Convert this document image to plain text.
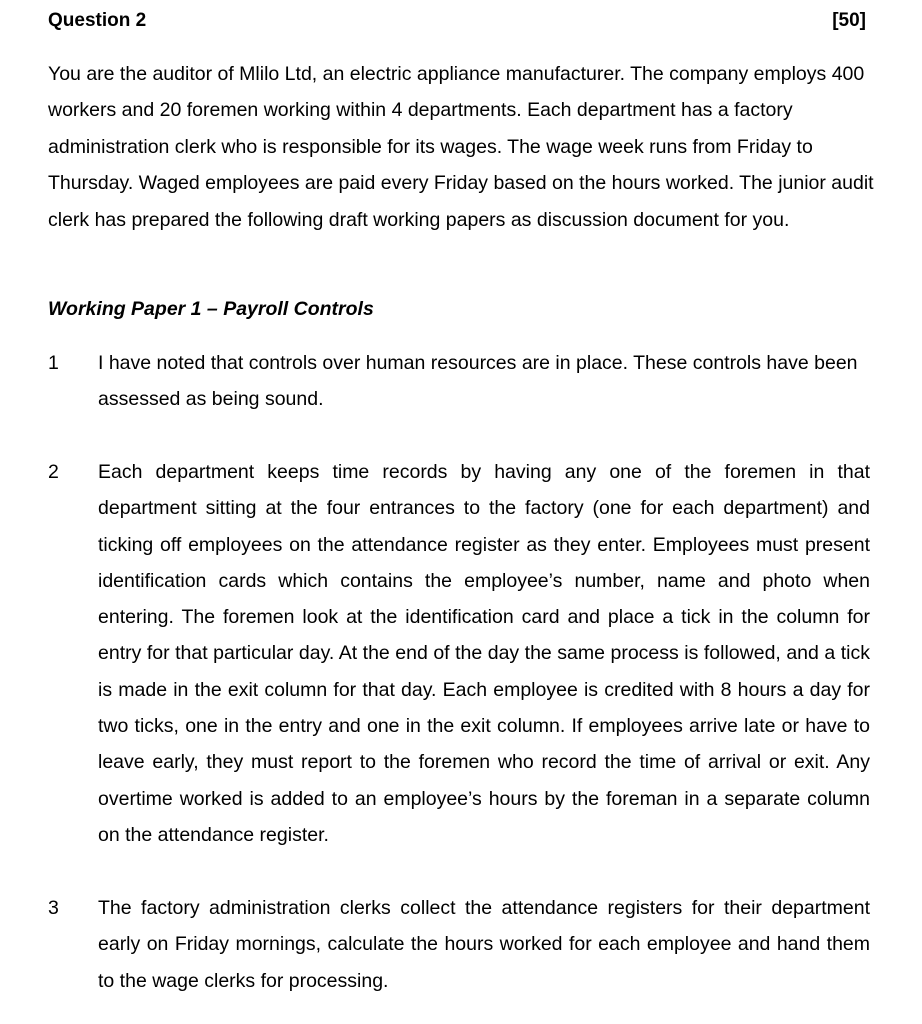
Question 2	[50]

You are the auditor of Mlilo Ltd, an electric appliance manufacturer. The company employs 400 workers and 20 foremen working within 4 departments. Each department has a factory administration clerk who is responsible for its wages. The wage week runs from Friday to Thursday. Waged employees are paid every Friday based on the hours worked. The junior audit clerk has prepared the following draft working papers as discussion document for you.

Working Paper 1 – Payroll Controls

1 I have noted that controls over human resources are in place. These controls have been assessed as being sound.

2 Each department keeps time records by having any one of the foremen in that department sitting at the four entrances to the factory (one for each department) and ticking off employees on the attendance register as they enter. Employees must present identification cards which contains the employee’s number, name and photo when entering. The foremen look at the identification card and place a tick in the column for entry for that particular day. At the end of the day the same process is followed, and a tick is made in the exit column for that day. Each employee is credited with 8 hours a day for two ticks, one in the entry and one in the exit column. If employees arrive late or have to leave early, they must report to the foremen who record the time of arrival or exit. Any overtime worked is added to an employee’s hours by the foreman in a separate column on the attendance register.

3 The factory administration clerks collect the attendance registers for their department early on Friday mornings, calculate the hours worked for each employee and hand them to the wage clerks for processing.
